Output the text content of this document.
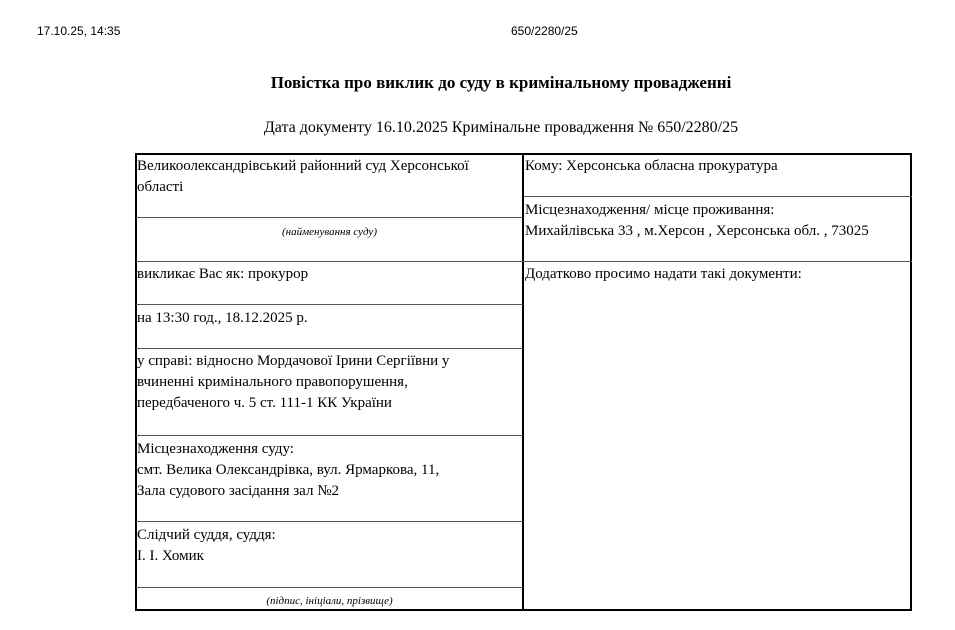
17.10.25, 14:35	650/2280/25
Повістка про виклик до суду в кримінальному провадженні
Дата документу 16.10.2025 Кримінальне провадження № 650/2280/25
Великоолександрівський районний суд Херсонської
області
(найменування суду)
викликає Вас як: прокурор
на 13:30 год., 18.12.2025 р.
у справі: відносно Мордачової Ірини Сергіївни у
вчиненні кримінального правопорушення,
передбаченого ч. 5 ст. 111-1 КК України
Місцезнаходження суду:
смт. Велика Олександрівка, вул. Ярмаркова, 11,
Зала судового засідання зал №2
Слідчий суддя, суддя:
І. І. Хомик
(підпис, ініціали, прізвище)
Кому: Херсонська обласна прокуратура
Місцезнаходження/ місце проживання:
Михайлівська 33 , м.Херсон , Херсонська обл. , 73025
Додатково просимо надати такі документи:
